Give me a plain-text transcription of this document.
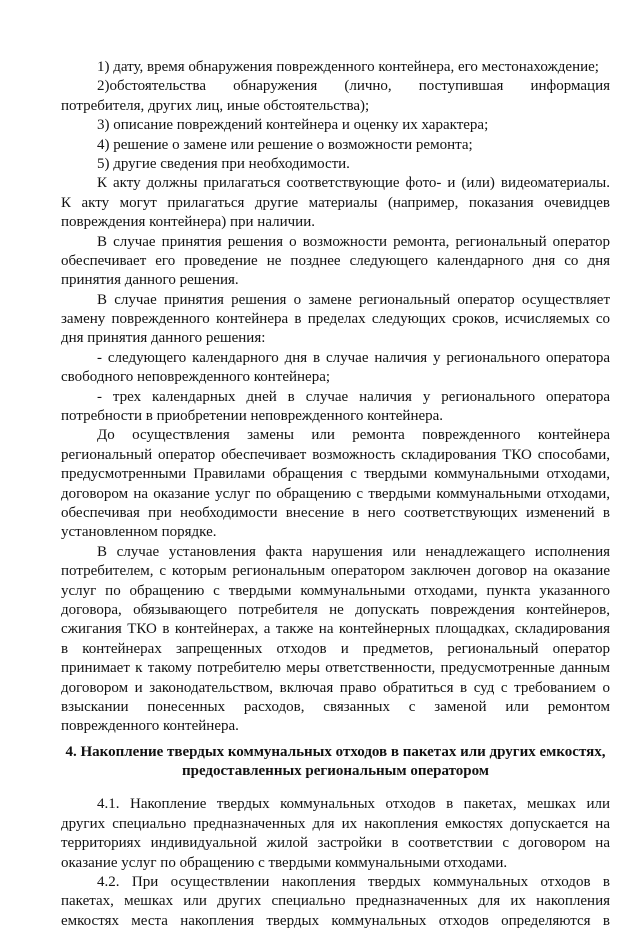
1) дату, время обнаружения поврежденного контейнера, его местонахождение;
2)обстоятельства обнаружения (лично, поступившая информация
потребителя, других лиц, иные обстоятельства);
3) описание повреждений контейнера и оценку их характера;
4) решение о замене или решение о возможности ремонта;
5) другие сведения при необходимости.
К акту должны прилагаться соответствующие фото- и (или) видеоматериалы.
К акту могут прилагаться другие материалы (например, показания очевидцев
повреждения контейнера) при наличии.
В случае принятия решения о возможности ремонта, региональный оператор
обеспечивает его проведение не позднее следующего календарного дня со дня
принятия данного решения.
В случае принятия решения о замене региональный оператор осуществляет
замену поврежденного контейнера в пределах следующих сроков, исчисляемых со
дня принятия данного решения:
- следующего календарного дня в случае наличия у регионального оператора
свободного неповрежденного контейнера;
- трех календарных дней в случае наличия у регионального оператора
потребности в приобретении неповрежденного контейнера.
До осуществления замены или ремонта поврежденного контейнера
региональный оператор обеспечивает возможность складирования ТКО способами,
предусмотренными Правилами обращения с твердыми коммунальными отходами,
договором на оказание услуг по обращению с твердыми коммунальными отходами,
обеспечивая при необходимости внесение в него соответствующих изменений в
установленном порядке.
В случае установления факта нарушения или ненадлежащего исполнения
потребителем, с которым региональным оператором заключен договор на оказание
услуг по обращению с твердыми коммунальными отходами, пункта указанного
договора, обязывающего потребителя не допускать повреждения контейнеров,
сжигания ТКО в контейнерах, а также на контейнерных площадках, складирования
в контейнерах запрещенных отходов и предметов, региональный оператор
принимает к такому потребителю меры ответственности, предусмотренные данным
договором и законодательством, включая право обратиться в суд с требованием о
взыскании понесенных расходов, связанных с заменой или ремонтом
поврежденного контейнера.
4. Накопление твердых коммунальных отходов в пакетах или других емкостях,
предоставленных региональным оператором
4.1. Накопление твердых коммунальных отходов в пакетах, мешках или
других специально предназначенных для их накопления емкостях допускается на
территориях индивидуальной жилой застройки в соответствии с договором на
оказание услуг по обращению с твердыми коммунальными отходами.
4.2. При осуществлении накопления твердых коммунальных отходов в
пакетах, мешках или других специально предназначенных для их накопления
емкостях места накопления твердых коммунальных отходов определяются в
